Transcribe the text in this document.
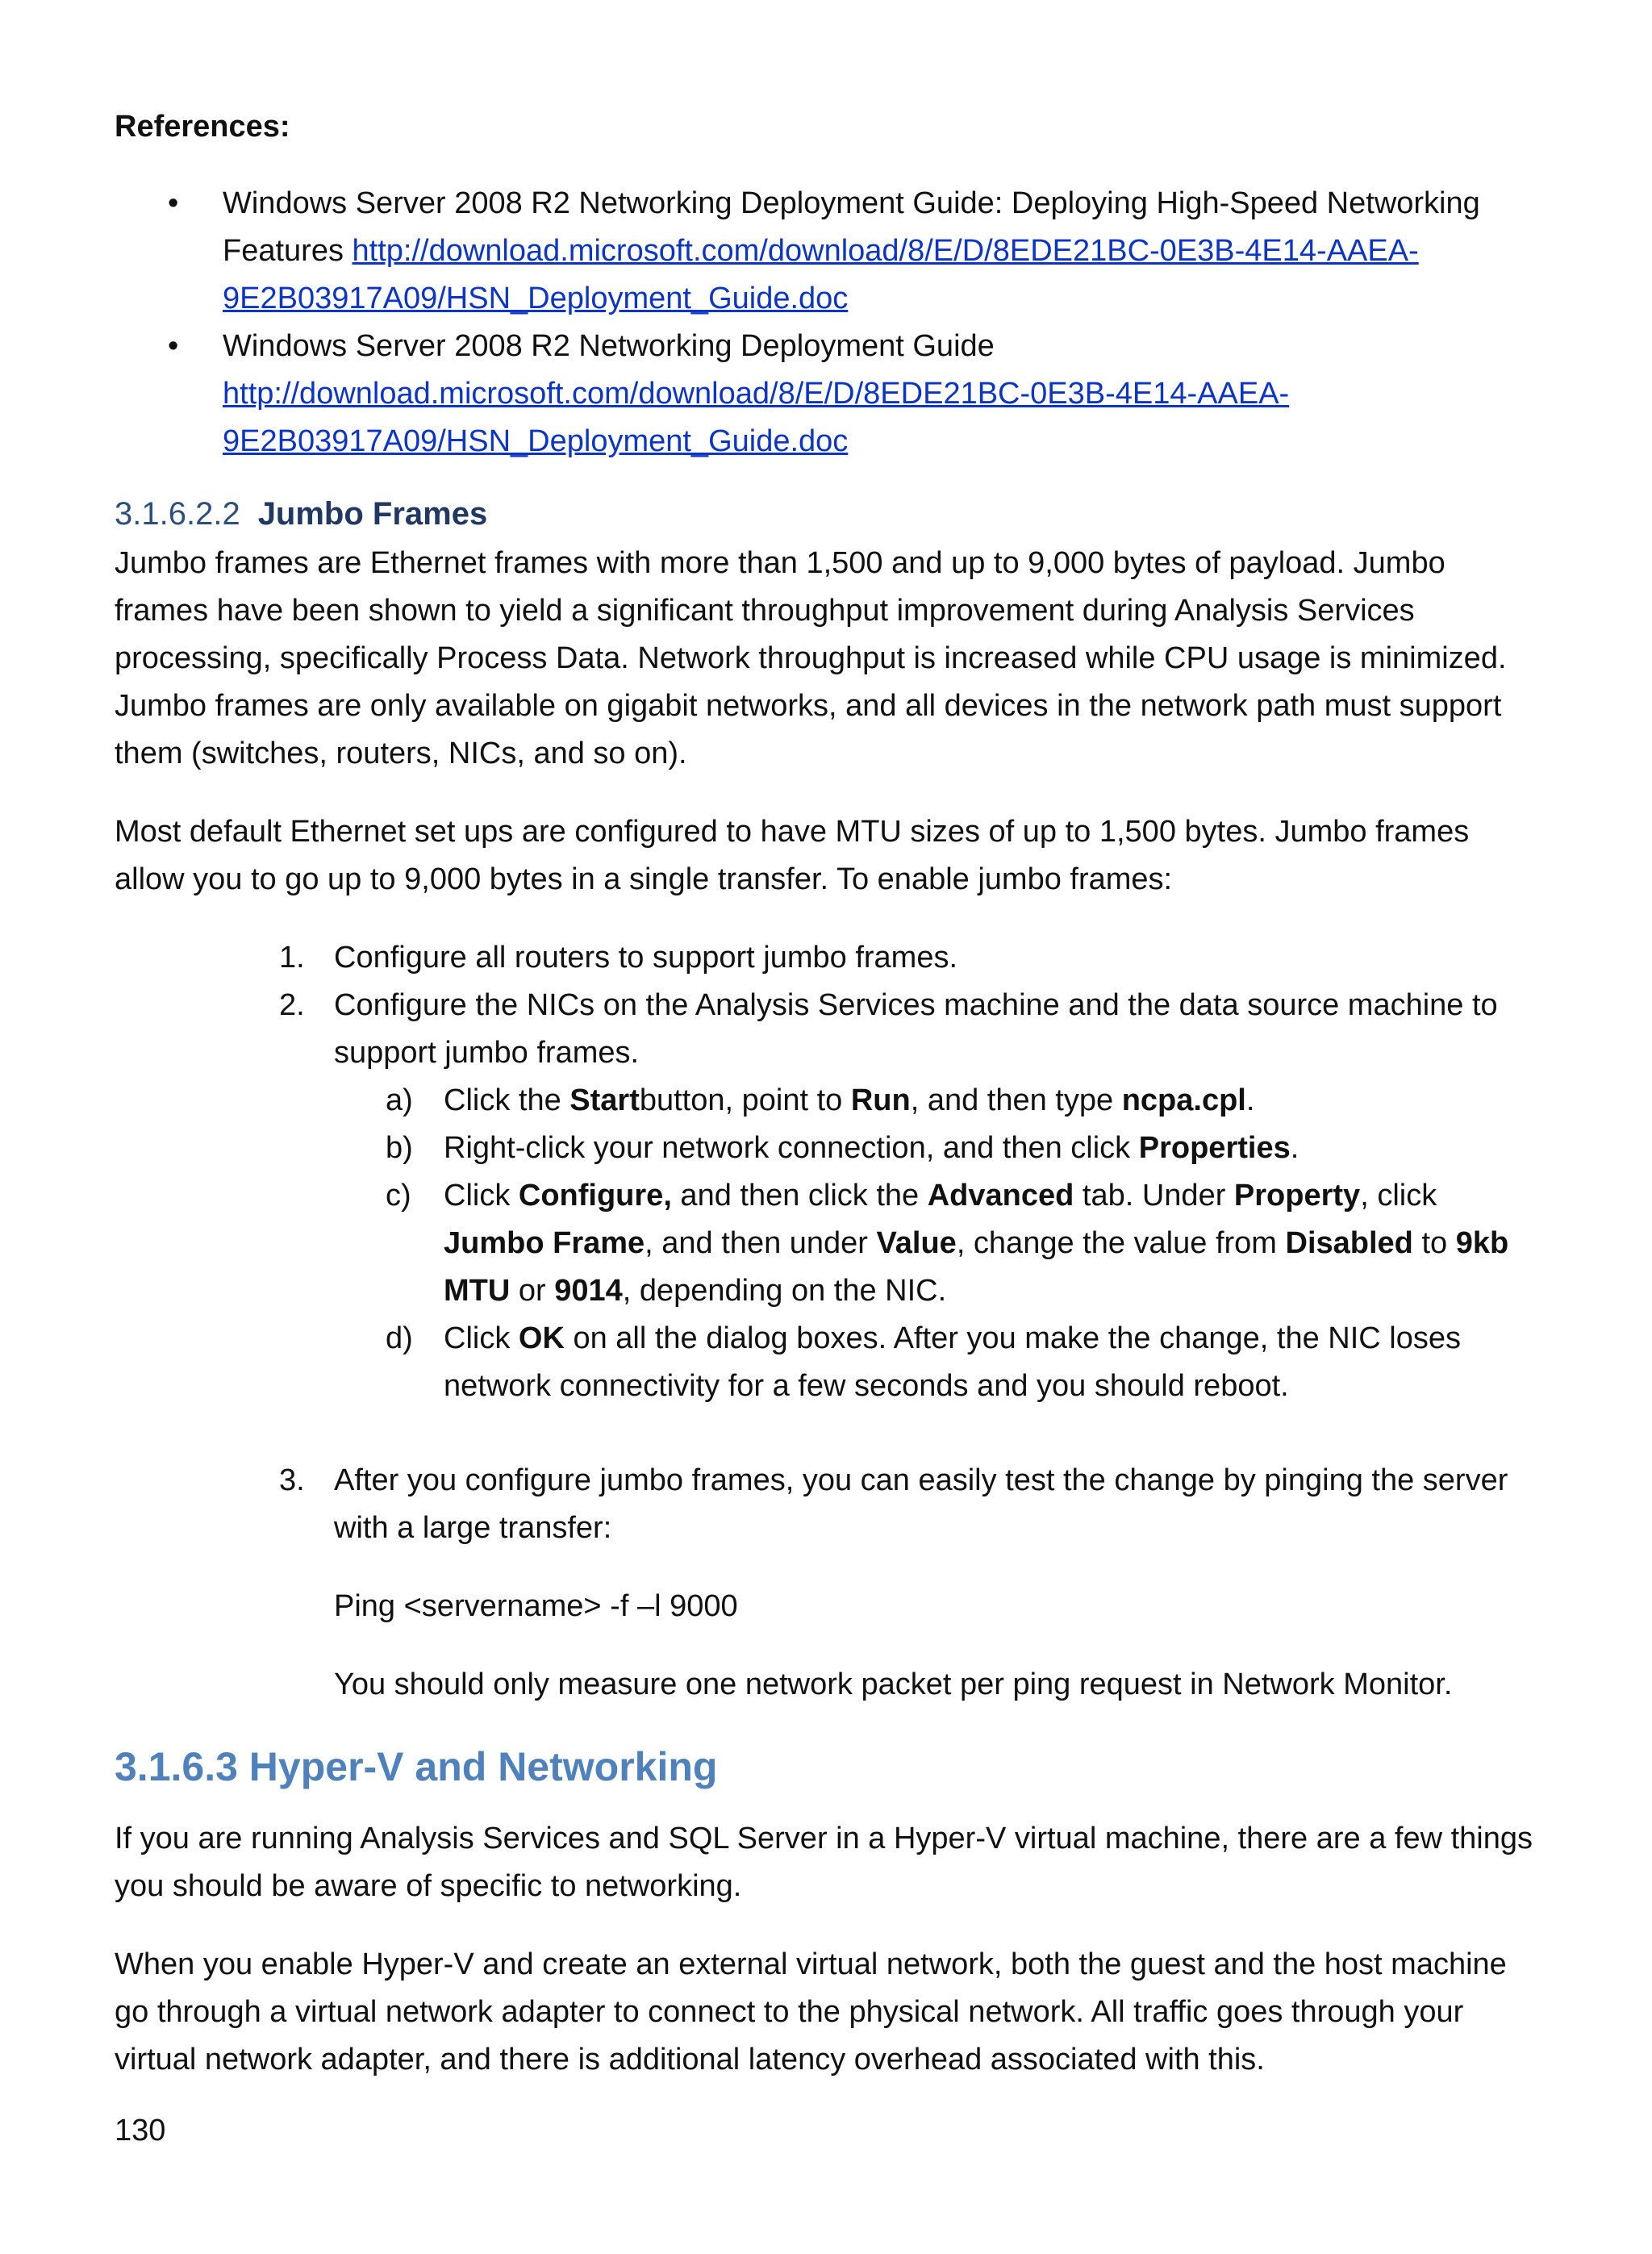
References:

• Windows Server 2008 R2 Networking Deployment Guide: Deploying High-Speed Networking Features http://download.microsoft.com/download/8/E/D/8EDE21BC-0E3B-4E14-AAEA-9E2B03917A09/HSN_Deployment_Guide.doc
• Windows Server 2008 R2 Networking Deployment Guide
http://download.microsoft.com/download/8/E/D/8EDE21BC-0E3B-4E14-AAEA-9E2B03917A09/HSN_Deployment_Guide.doc
3.1.6.2.2 Jumbo Frames

Jumbo frames are Ethernet frames with more than 1,500 and up to 9,000 bytes of payload. Jumbo frames have been shown to yield a significant throughput improvement during Analysis Services processing, specifically Process Data. Network throughput is increased while CPU usage is minimized. Jumbo frames are only available on gigabit networks, and all devices in the network path must support them (switches, routers, NICs, and so on).

Most default Ethernet set ups are configured to have MTU sizes of up to 1,500 bytes. Jumbo frames allow you to go up to 9,000 bytes in a single transfer. To enable jumbo frames:

1. Configure all routers to support jumbo frames.
2. Configure the NICs on the Analysis Services machine and the data source machine to support jumbo frames.
a) Click the Startbutton, point to Run, and then type ncpa.cpl.
b) Right-click your network connection, and then click Properties.
c) Click Configure, and then click the Advanced tab. Under Property, click Jumbo Frame, and then under Value, change the value from Disabled to 9kb MTU or 9014, depending on the NIC.
d) Click OK on all the dialog boxes. After you make the change, the NIC loses network connectivity for a few seconds and you should reboot.
3. After you configure jumbo frames, you can easily test the change by pinging the server with a large transfer:

Ping <servername> -f –l 9000

You should only measure one network packet per ping request in Network Monitor.

3.1.6.3 Hyper-V and Networking

If you are running Analysis Services and SQL Server in a Hyper-V virtual machine, there are a few things you should be aware of specific to networking.

When you enable Hyper-V and create an external virtual network, both the guest and the host machine go through a virtual network adapter to connect to the physical network. All traffic goes through your virtual network adapter, and there is additional latency overhead associated with this.

130
